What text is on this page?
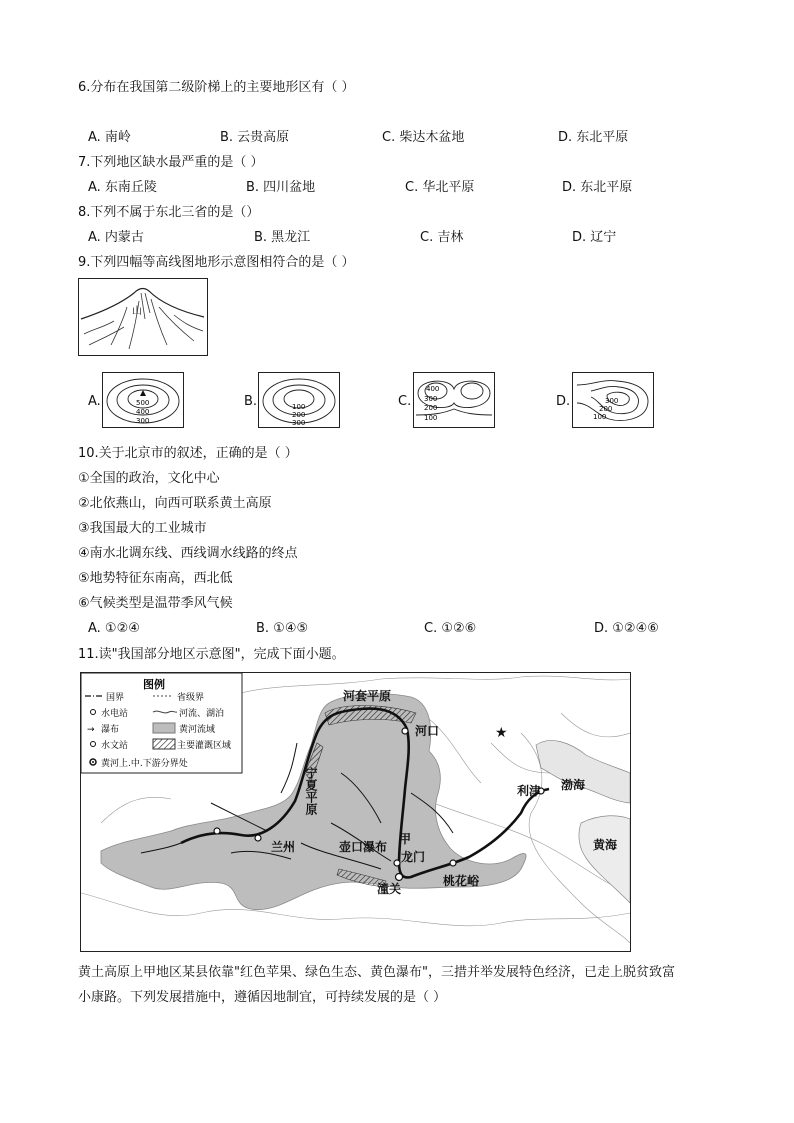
6.分布在我国第二级阶梯上的主要地形区有（ ）
A. 南岭	B. 云贵高原	C. 柴达木盆地	D. 东北平原
7.下列地区缺水最严重的是（ ）
A. 东南丘陵	B. 四川盆地	C. 华北平原	D. 东北平原
8.下列不属于东北三省的是（）
A. 内蒙古	B. 黑龙江	C. 吉林	D. 辽宁
9.下列四幅等高线图地形示意图相符合的是（ ）
山
A.	B.	C.	D.
500
400
300
100
200
300
400
300
200
100
300
200
100
10.关于北京市的叙述，正确的是（ ）
①全国的政治，文化中心
②北依燕山，向西可联系黄土高原
③我国最大的工业城市
④南水北调东线、西线调水线路的终点
⑤地势特征东南高，西北低
⑥气候类型是温带季风气候
A. ①②④	B. ①④⑤	C. ①②⑥	D. ①②④⑥
11.读"我国部分地区示意图"，完成下面小题。
河套平原
河口
宁夏平原
兰州	壶口瀑布
甲
龙门
潼关
桃花峪
利津 渤海
黄海
★
图例
国界	省级界
水电站	河流、湖泊
→ 瀑布	黄河流域
水文站	主要灌溉区域
黄河上.中.下游分界处
黄土高原上甲地区某县依靠"红色苹果、绿色生态、黄色瀑布"，三措并举发展特色经济，已走上脱贫致富
小康路。下列发展措施中，遵循因地制宜，可持续发展的是（ ）
